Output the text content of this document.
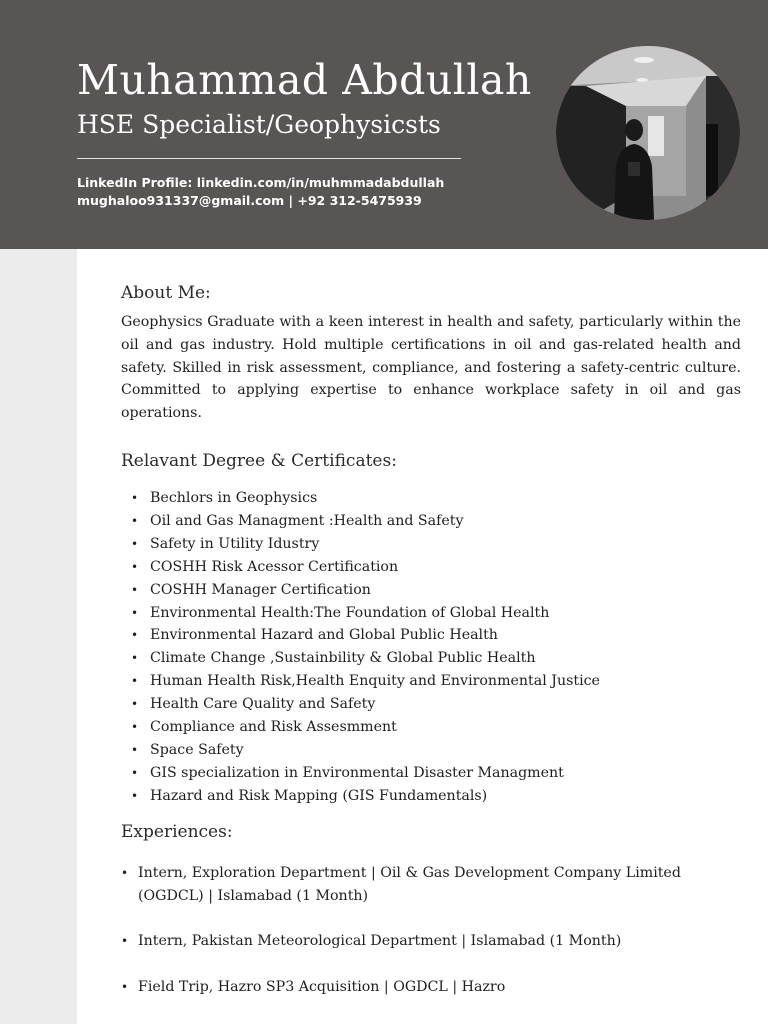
Muhammad Abdullah
HSE Specialist/Geophysicsts
LinkedIn Profile: linkedin.com/in/muhmmadabdullah
mughaloo931337@gmail.com | +92 312-5475939
About Me:
Geophysics Graduate with a keen interest in health and safety, particularly within the oil and gas industry. Hold multiple certifications in oil and gas-related health and safety. Skilled in risk assessment, compliance, and fostering a safety-centric culture. Committed to applying expertise to enhance workplace safety in oil and gas operations.
Relavant Degree & Certificates:
• Bechlors in Geophysics
• Oil and Gas Managment :Health and Safety
• Safety in Utility Idustry
• COSHH Risk Acessor Certification
• COSHH Manager Certification
• Environmental Health:The Foundation of Global Health
• Environmental Hazard and Global Public Health
• Climate Change ,Sustainbility & Global Public Health
• Human Health Risk,Health Enquity and Environmental Justice
• Health Care Quality and Safety
• Compliance and Risk Assesmment
• Space Safety
• GIS specialization in Environmental Disaster Managment
• Hazard and Risk Mapping (GIS Fundamentals)
Experiences:
• Intern, Exploration Department | Oil & Gas Development Company Limited (OGDCL) | Islamabad (1 Month)
• Intern, Pakistan Meteorological Department | Islamabad (1 Month)
• Field Trip, Hazro SP3 Acquisition | OGDCL | Hazro
